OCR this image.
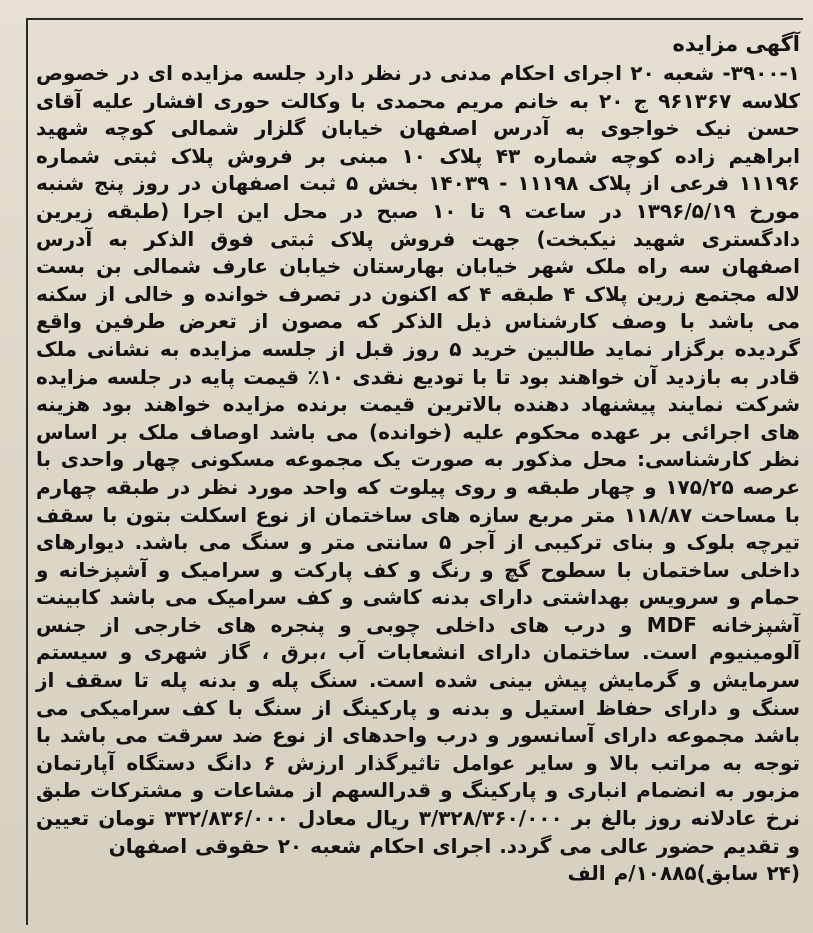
آگهی مزایده

۳۹۰۰-۱- شعبه ۲۰ اجرای احکام مدنی در نظر دارد جلسه مزایده ای در خصوص کلاسه ۹۶۱۳۶۷ ج ۲۰ به خانم مریم محمدی با وکالت حوری افشار علیه آقای حسن نیک خواجوی به آدرس اصفهان خیابان گلزار شمالی کوچه شهید ابراهیم زاده کوچه شماره ۴۳ پلاک ۱۰ مبنی بر فروش پلاک ثبتی شماره ۱۱۱۹۶ فرعی از پلاک ۱۱۱۹۸ - ۱۴۰۳۹ بخش ۵ ثبت اصفهان در روز پنج شنبه مورخ ۱۳۹۶/۵/۱۹ در ساعت ۹ تا ۱۰ صبح در محل این اجرا (طبقه زیرین دادگستری شهید نیکبخت) جهت فروش پلاک ثبتی فوق الذکر به آدرس اصفهان سه راه ملک شهر خیابان بهارستان خیابان عارف شمالی بن بست لاله مجتمع زرین پلاک ۴ طبقه ۴ که اکنون در تصرف خوانده و خالی از سکنه می باشد با وصف کارشناس ذیل الذکر که مصون از تعرض طرفین واقع گردیده برگزار نماید طالبین خرید ۵ روز قبل از جلسه مزایده به نشانی ملک قادر به بازدید آن خواهند بود تا با تودیع نقدی ۱۰٪ قیمت پایه در جلسه مزایده شرکت نمایند پیشنهاد دهنده بالاترین قیمت برنده مزایده خواهند بود هزینه های اجرائی بر عهده محکوم علیه (خوانده) می باشد اوصاف ملک بر اساس نظر کارشناسی: محل مذکور به صورت یک مجموعه مسکونی چهار واحدی با عرصه ۱۷۵/۲۵ و چهار طبقه و روی پیلوت که واحد مورد نظر در طبقه چهارم با مساحت ۱۱۸/۸۷ متر مربع سازه های ساختمان از نوع اسکلت بتون با سقف تیرچه بلوک و بنای ترکیبی از آجر ۵ سانتی متر و سنگ می باشد. دیوارهای داخلی ساختمان با سطوح گچ و رنگ و کف پارکت و سرامیک و آشپزخانه و حمام و سرویس بهداشتی دارای بدنه کاشی و کف سرامیک می باشد کابینت آشپزخانه MDF و درب های داخلی چوبی و پنجره های خارجی از جنس آلومینیوم است. ساختمان دارای انشعابات آب ،برق ، گاز شهری و سیستم سرمایش و گرمایش پیش بینی شده است. سنگ پله و بدنه پله تا سقف از سنگ و دارای حفاظ استیل و بدنه و پارکینگ از سنگ با کف سرامیکی می باشد مجموعه دارای آسانسور و درب واحدهای از نوع ضد سرقت می باشد با توجه به مراتب بالا و سایر عوامل تاثیرگذار ارزش ۶ دانگ دستگاه آپارتمان مزبور به انضمام انباری و پارکینگ و قدرالسهم از مشاعات و مشترکات طبق نرخ عادلانه روز بالغ بر ۳/۳۲۸/۳۶۰/۰۰۰ ریال معادل ۳۳۲/۸۳۶/۰۰۰ تومان تعیین و تقدیم حضور عالی می گردد. اجرای احکام شعبه ۲۰ حقوقی اصفهان
(۲۴ سابق)۱۰۸۸۵/م الف
